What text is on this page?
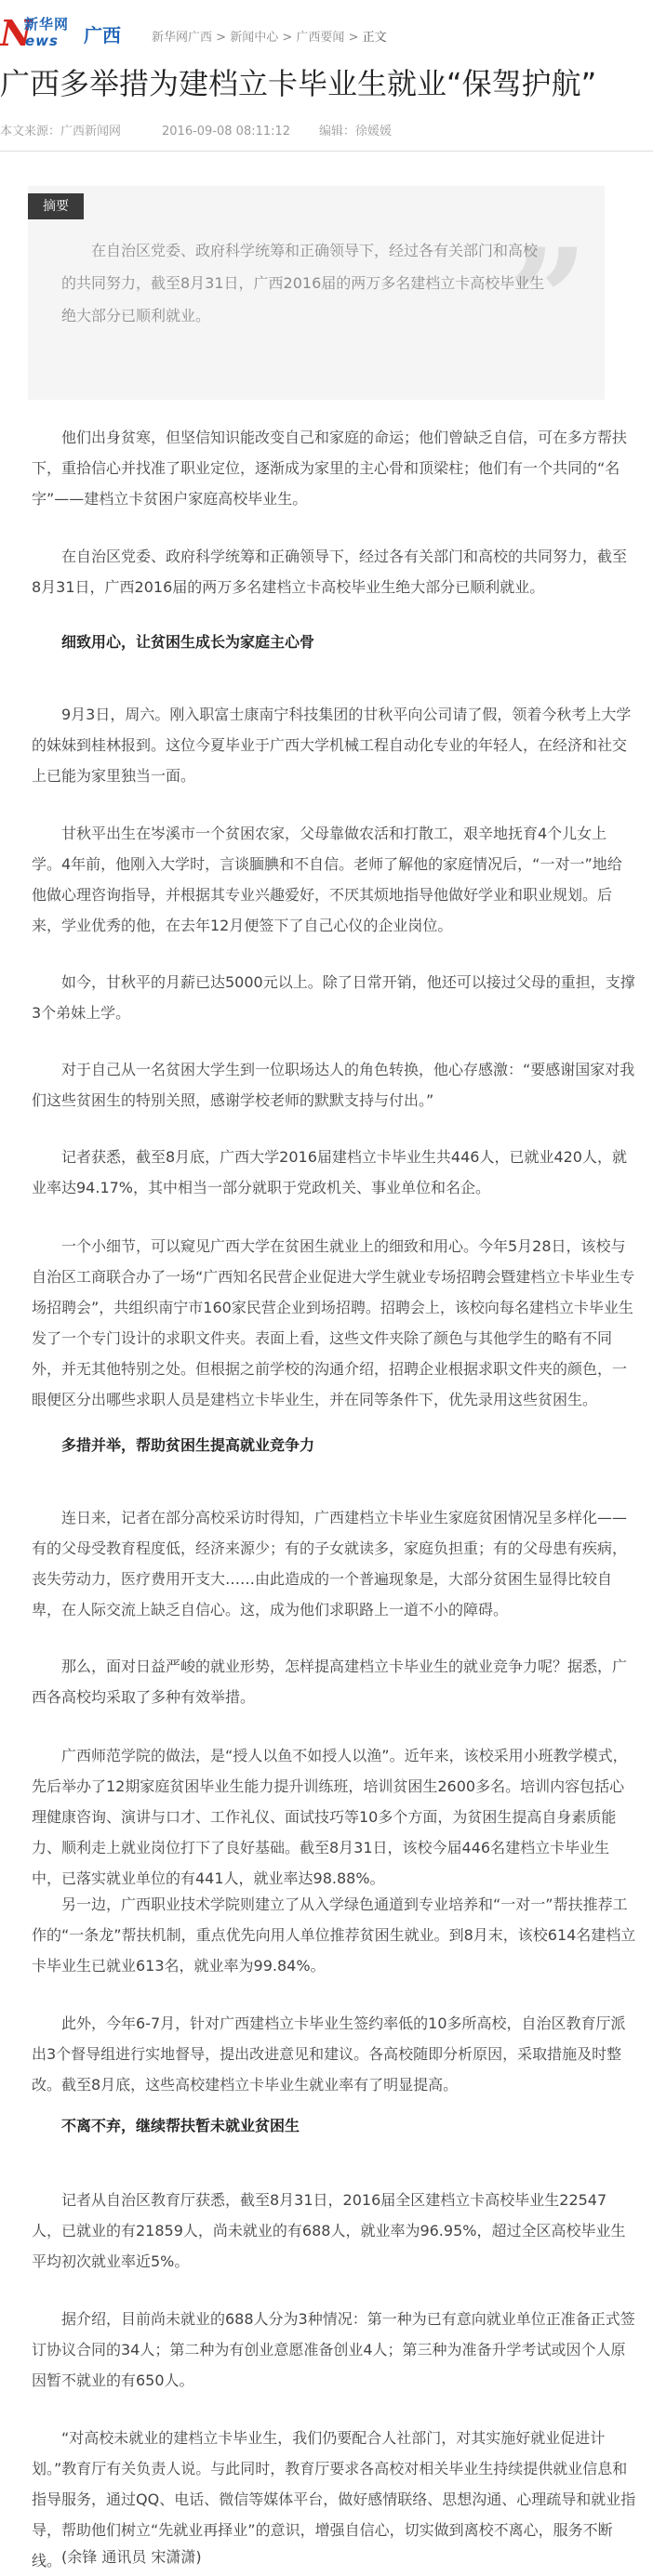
N
新华网
ews 广西	新华网广西 > 新闻中心 > 广西要闻 > 正文
广西多举措为建档立卡毕业生就业“保驾护航”
本文来源：广西新闻网	2016-09-08 08:11:12 编辑：徐媛媛
摘要
”

在自治区党委、政府科学统筹和正确领导下，经过各有关部门和高校的共同努力，截至8月31日，广西2016届的两万多名建档立卡高校毕业生绝大部分已顺利就业。

他们出身贫寒，但坚信知识能改变自己和家庭的命运；他们曾缺乏自信，可在多方帮扶下，重拾信心并找准了职业定位，逐渐成为家里的主心骨和顶梁柱；他们有一个共同的“名字”——建档立卡贫困户家庭高校毕业生。

在自治区党委、政府科学统筹和正确领导下，经过各有关部门和高校的共同努力，截至8月31日，广西2016届的两万多名建档立卡高校毕业生绝大部分已顺利就业。

细致用心，让贫困生成长为家庭主心骨

9月3日，周六。刚入职富士康南宁科技集团的甘秋平向公司请了假，领着今秋考上大学的妹妹到桂林报到。这位今夏毕业于广西大学机械工程自动化专业的年轻人，在经济和社交上已能为家里独当一面。

甘秋平出生在岑溪市一个贫困农家，父母靠做农活和打散工，艰辛地抚育4个儿女上学。4年前，他刚入大学时，言谈腼腆和不自信。老师了解他的家庭情况后，“一对一”地给他做心理咨询指导，并根据其专业兴趣爱好，不厌其烦地指导他做好学业和职业规划。后来，学业优秀的他，在去年12月便签下了自己心仪的企业岗位。

如今，甘秋平的月薪已达5000元以上。除了日常开销，他还可以接过父母的重担，支撑3个弟妹上学。

对于自己从一名贫困大学生到一位职场达人的角色转换，他心存感激：“要感谢国家对我们这些贫困生的特别关照，感谢学校老师的默默支持与付出。”

记者获悉，截至8月底，广西大学2016届建档立卡毕业生共446人，已就业420人，就业率达94.17%，其中相当一部分就职于党政机关、事业单位和名企。

一个小细节，可以窥见广西大学在贫困生就业上的细致和用心。今年5月28日，该校与自治区工商联合办了一场“广西知名民营企业促进大学生就业专场招聘会暨建档立卡毕业生专场招聘会”，共组织南宁市160家民营企业到场招聘。招聘会上，该校向每名建档立卡毕业生发了一个专门设计的求职文件夹。表面上看，这些文件夹除了颜色与其他学生的略有不同外，并无其他特别之处。但根据之前学校的沟通介绍，招聘企业根据求职文件夹的颜色，一眼便区分出哪些求职人员是建档立卡毕业生，并在同等条件下，优先录用这些贫困生。

多措并举，帮助贫困生提高就业竞争力

连日来，记者在部分高校采访时得知，广西建档立卡毕业生家庭贫困情况呈多样化——有的父母受教育程度低，经济来源少；有的子女就读多，家庭负担重；有的父母患有疾病，丧失劳动力，医疗费用开支大……由此造成的一个普遍现象是，大部分贫困生显得比较自卑，在人际交流上缺乏自信心。这，成为他们求职路上一道不小的障碍。

那么，面对日益严峻的就业形势，怎样提高建档立卡毕业生的就业竞争力呢？据悉，广西各高校均采取了多种有效举措。

广西师范学院的做法，是“授人以鱼不如授人以渔”。近年来，该校采用小班教学模式，先后举办了12期家庭贫困毕业生能力提升训练班，培训贫困生2600多名。培训内容包括心理健康咨询、演讲与口才、工作礼仪、面试技巧等10多个方面，为贫困生提高自身素质能力、顺利走上就业岗位打下了良好基础。截至8月31日，该校今届446名建档立卡毕业生中，已落实就业单位的有441人，就业率达98.88%。

另一边，广西职业技术学院则建立了从入学绿色通道到专业培养和“一对一”帮扶推荐工作的“一条龙”帮扶机制，重点优先向用人单位推荐贫困生就业。到8月末，该校614名建档立卡毕业生已就业613名，就业率为99.84%。

此外，今年6-7月，针对广西建档立卡毕业生签约率低的10多所高校，自治区教育厅派出3个督导组进行实地督导，提出改进意见和建议。各高校随即分析原因，采取措施及时整改。截至8月底，这些高校建档立卡毕业生就业率有了明显提高。

不离不弃，继续帮扶暂未就业贫困生

记者从自治区教育厅获悉，截至8月31日，2016届全区建档立卡高校毕业生22547人，已就业的有21859人，尚未就业的有688人，就业率为96.95%，超过全区高校毕业生平均初次就业率近5%。

据介绍，目前尚未就业的688人分为3种情况：第一种为已有意向就业单位正准备正式签订协议合同的34人；第二种为有创业意愿准备创业4人；第三种为准备升学考试或因个人原因暂不就业的有650人。

“对高校未就业的建档立卡毕业生，我们仍要配合人社部门，对其实施好就业促进计划。”教育厅有关负责人说。与此同时，教育厅要求各高校对相关毕业生持续提供就业信息和指导服务，通过QQ、电话、微信等媒体平台，做好感情联络、思想沟通、心理疏导和就业指导，帮助他们树立“先就业再择业”的意识，增强自信心，切实做到离校不离心，服务不断线。 (余锋 通讯员 宋潇潇)
